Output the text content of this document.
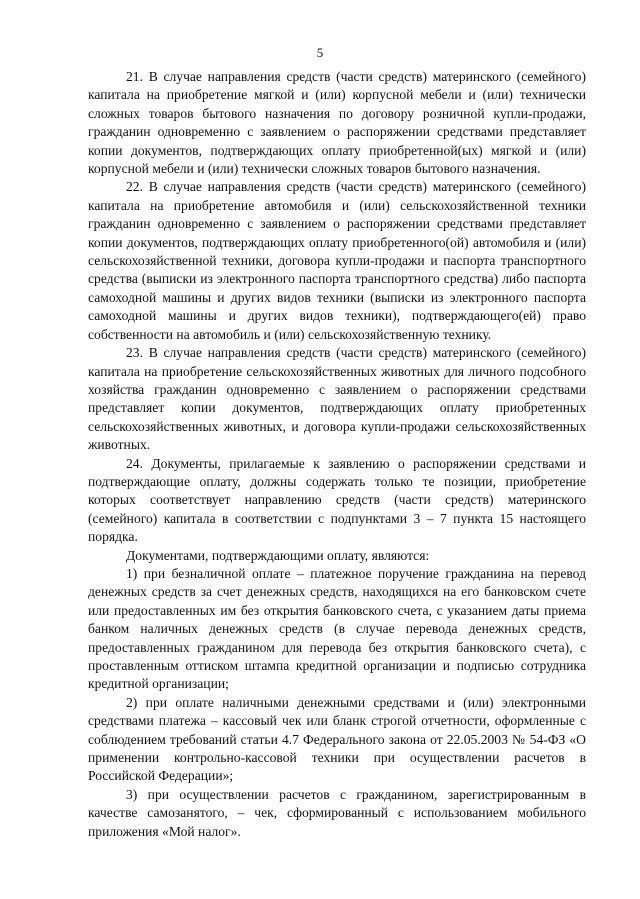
5

21. В случае направления средств (части средств) материнского (семейного) капитала на приобретение мягкой и (или) корпусной мебели и (или) технически сложных товаров бытового назначения по договору розничной купли-продажи, гражданин одновременно с заявлением о распоряжении средствами представляет копии документов, подтверждающих оплату приобретенной(ых) мягкой и (или) корпусной мебели и (или) технически сложных товаров бытового назначения.

22. В случае направления средств (части средств) материнского (семейного) капитала на приобретение автомобиля и (или) сельскохозяйственной техники гражданин одновременно с заявлением о распоряжении средствами представляет копии документов, подтверждающих оплату приобретенного(ой) автомобиля и (или) сельскохозяйственной техники, договора купли-продажи и паспорта транспортного средства (выписки из электронного паспорта транспортного средства) либо паспорта самоходной машины и других видов техники (выписки из электронного паспорта самоходной машины и других видов техники), подтверждающего(ей) право собственности на автомобиль и (или) сельскохозяйственную технику.

23. В случае направления средств (части средств) материнского (семейного) капитала на приобретение сельскохозяйственных животных для личного подсобного хозяйства гражданин одновременно с заявлением о распоряжении средствами представляет копии документов, подтверждающих оплату приобретенных сельскохозяйственных животных, и договора купли-продажи сельскохозяйственных животных.

24. Документы, прилагаемые к заявлению о распоряжении средствами и подтверждающие оплату, должны содержать только те позиции, приобретение которых соответствует направлению средств (части средств) материнского (семейного) капитала в соответствии с подпунктами 3 – 7 пункта 15 настоящего порядка.

Документами, подтверждающими оплату, являются:

1) при безналичной оплате – платежное поручение гражданина на перевод денежных средств за счет денежных средств, находящихся на его банковском счете или предоставленных им без открытия банковского счета, с указанием даты приема банком наличных денежных средств (в случае перевода денежных средств, предоставленных гражданином для перевода без открытия банковского счета), с проставленным оттиском штампа кредитной организации и подписью сотрудника кредитной организации;

2) при оплате наличными денежными средствами и (или) электронными средствами платежа – кассовый чек или бланк строгой отчетности, оформленные с соблюдением требований статьи 4.7 Федерального закона от 22.05.2003 № 54-ФЗ «О применении контрольно-кассовой техники при осуществлении расчетов в Российской Федерации»;

3) при осуществлении расчетов с гражданином, зарегистрированным в качестве самозанятого, – чек, сформированный с использованием мобильного приложения «Мой налог».
